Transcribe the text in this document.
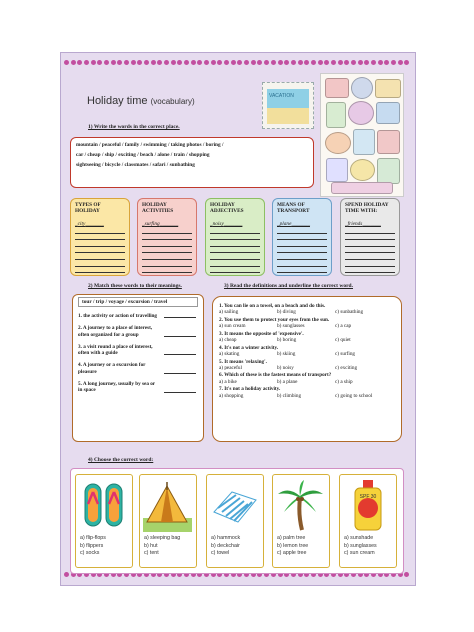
VACATION
Holiday time (vocabulary)
1) Write the words in the correct place.
mountain / peaceful / family / swimming / taking photos / boring /
car / cheap / ship / exciting / beach / alone / train / shopping
sightseeing / bicycle / classmates / safari / sunbathing
TYPES OF HOLIDAY
_city_______
HOLIDAY ACTIVITIES
_surfing_______
HOLIDAY ADJECTIVES
_noisy_______
MEANS OF TRANSPORT
_plane_______
SPEND HOLIDAY TIME WITH:
_friends_______
2) Match these words to their meanings.	3) Read the definitions and underline the correct word.
tour / trip / voyage / excursion / travel
1. the activity or action of travelling
2. A journey to a place of interest, often organized for a group
3. a visit round a place of interest, often with a guide
4. A journey or a excursion for pleasure
5. A long journey, usually by sea or in space
1. You can lie on a towel, on a beach and do this.
a) sailing	b) diving	c) sunbathing
2. You use them to protect your eyes from the sun.
a) sun cream	b) sunglasses	c) a cap
3. It means the opposite of 'expensive'.
a) cheap	b) boring	c) quiet
4. It's not a winter activity.
a) skating	b) skiing	c) surfing
5. It means 'relaxing'.
a) peaceful	b) noisy	c) exciting
6. Which of these is the fastest means of transport?
a) a bike	b) a plane	c) a ship
7. It's not a holiday activity.
a) shopping	b) climbing	c) going to school
4) Choose the correct word:
a) flip-flops
b) flippers
c) socks
a) sleeping bag
b) hut
c) tent
a) hammock
b) deckchair
c) towel
a) palm tree
b) lemon tree
c) apple tree
SPF 30
a) sunshade
b) sunglasses
c) sun cream
